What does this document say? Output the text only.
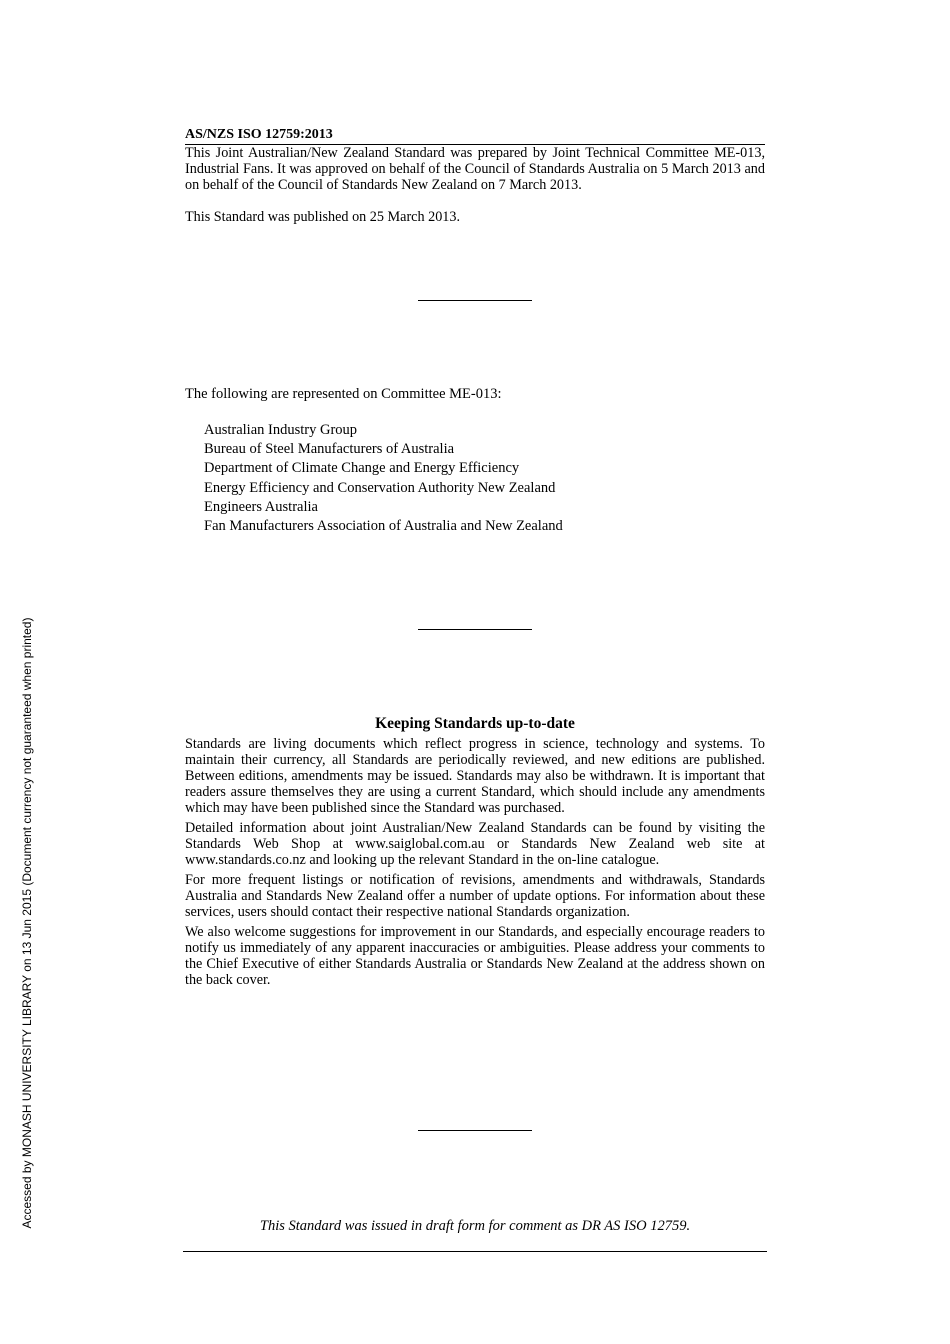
Accessed by MONASH UNIVERSITY LIBRARY on 13 Jun 2015 (Document currency not guaranteed when printed)
AS/NZS ISO 12759:2013

This Joint Australian/New Zealand Standard was prepared by Joint Technical Committee ME-013, Industrial Fans. It was approved on behalf of the Council of Standards Australia on 5 March 2013 and on behalf of the Council of Standards New Zealand on 7 March 2013.

This Standard was published on 25 March 2013.
The following are represented on Committee ME-013:
Australian Industry Group
Bureau of Steel Manufacturers of Australia
Department of Climate Change and Energy Efficiency
Energy Efficiency and Conservation Authority New Zealand
Engineers Australia
Fan Manufacturers Association of Australia and New Zealand
Keeping Standards up-to-date

Standards are living documents which reflect progress in science, technology and systems. To maintain their currency, all Standards are periodically reviewed, and new editions are published. Between editions, amendments may be issued. Standards may also be withdrawn. It is important that readers assure themselves they are using a current Standard, which should include any amendments which may have been published since the Standard was purchased.

Detailed information about joint Australian/New Zealand Standards can be found by visiting the Standards Web Shop at www.saiglobal.com.au or Standards New Zealand web site at www.standards.co.nz and looking up the relevant Standard in the on-line catalogue.

For more frequent listings or notification of revisions, amendments and withdrawals, Standards Australia and Standards New Zealand offer a number of update options. For information about these services, users should contact their respective national Standards organization.

We also welcome suggestions for improvement in our Standards, and especially encourage readers to notify us immediately of any apparent inaccuracies or ambiguities. Please address your comments to the Chief Executive of either Standards Australia or Standards New Zealand at the address shown on the back cover.

This Standard was issued in draft form for comment as DR AS ISO 12759.
